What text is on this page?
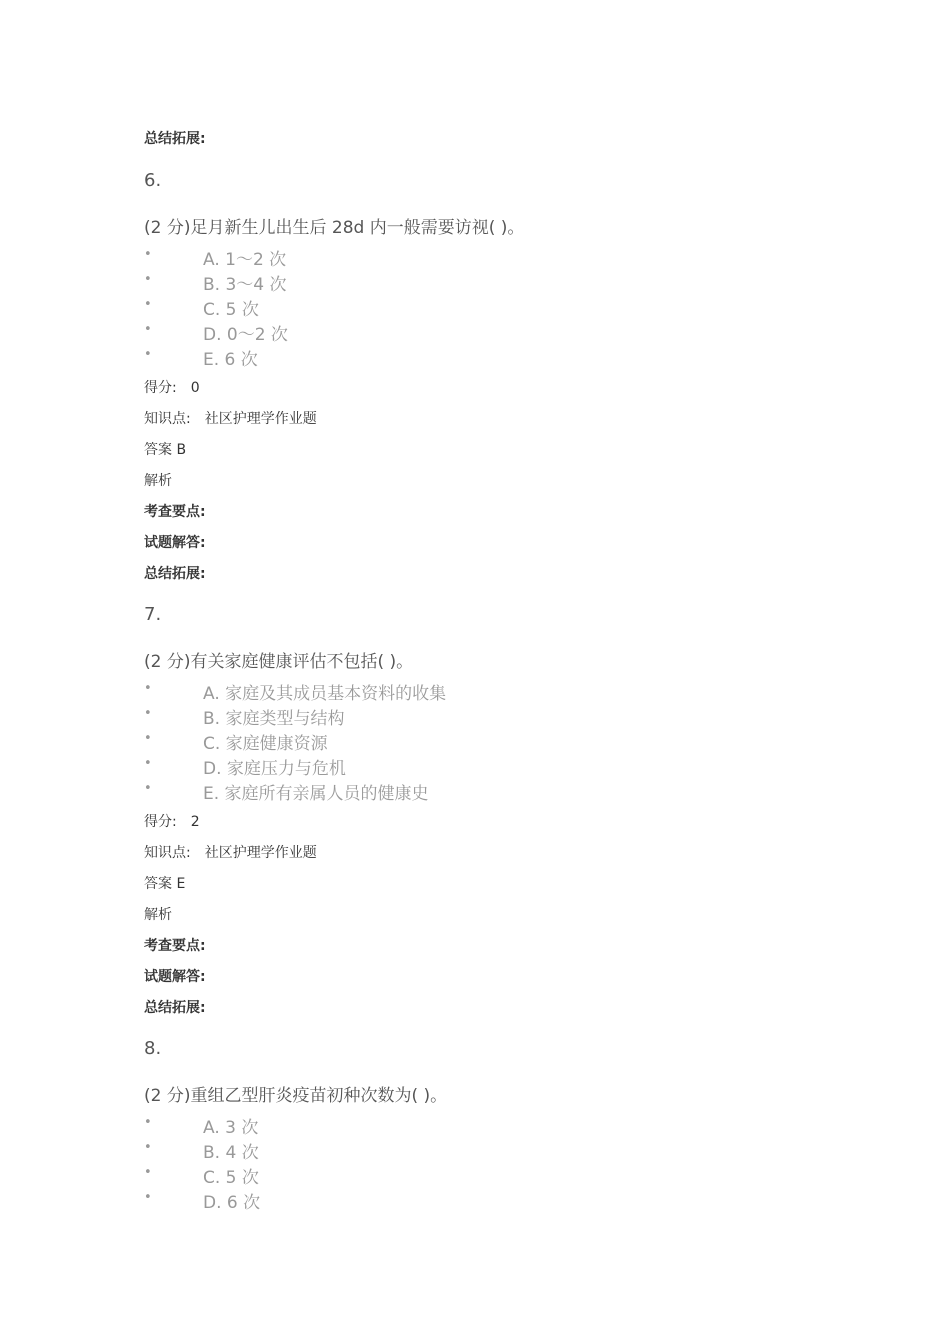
总结拓展:
6.
(2 分)足月新生儿出生后 28d 内一般需要访视( )。
•	A. 1～2 次
•	B. 3～4 次
•	C. 5 次
•	D. 0～2 次
•	E. 6 次
得分: 0
知识点: 社区护理学作业题
答案 B
解析
考查要点:
试题解答:
总结拓展:
7.
(2 分)有关家庭健康评估不包括( )。
•	A. 家庭及其成员基本资料的收集
•	B. 家庭类型与结构
•	C. 家庭健康资源
•	D. 家庭压力与危机
•	E. 家庭所有亲属人员的健康史
得分: 2
知识点: 社区护理学作业题
答案 E
解析
考查要点:
试题解答:
总结拓展:
8.
(2 分)重组乙型肝炎疫苗初种次数为( )。
•	A. 3 次
•	B. 4 次
•	C. 5 次
•	D. 6 次
